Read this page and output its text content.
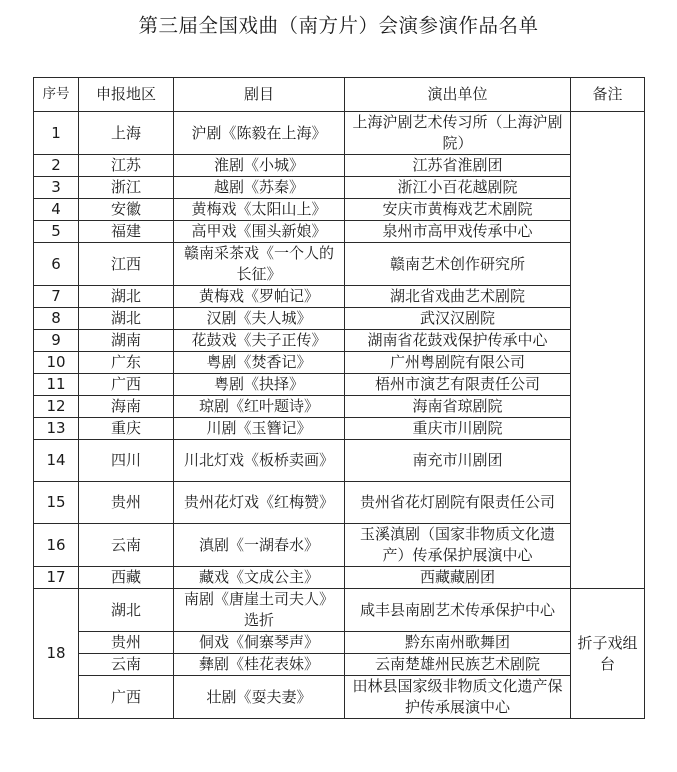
第三届全国戏曲（南方片）会演参演作品名单
序号	申报地区	剧目	演出单位	备注
1	上海	沪剧《陈毅在上海》	上海沪剧艺术传习所（上海沪剧院）	
2	江苏	淮剧《小城》	江苏省淮剧团	
3	浙江	越剧《苏秦》	浙江小百花越剧院	
4	安徽	黄梅戏《太阳山上》	安庆市黄梅戏艺术剧院	
5	福建	高甲戏《围头新娘》	泉州市高甲戏传承中心	
6	江西	赣南采茶戏《一个人的长征》	赣南艺术创作研究所	
7	湖北	黄梅戏《罗帕记》	湖北省戏曲艺术剧院	
8	湖北	汉剧《夫人城》	武汉汉剧院	
9	湖南	花鼓戏《夫子正传》	湖南省花鼓戏保护传承中心	
10	广东	粤剧《焚香记》	广州粤剧院有限公司	
11	广西	粤剧《抉择》	梧州市演艺有限责任公司	
12	海南	琼剧《红叶题诗》	海南省琼剧院	
13	重庆	川剧《玉簪记》	重庆市川剧院	
14	四川	川北灯戏《板桥卖画》	南充市川剧团	
15	贵州	贵州花灯戏《红梅赞》	贵州省花灯剧院有限责任公司	
16	云南	滇剧《一湖春水》	玉溪滇剧（国家非物质文化遗产）传承保护展演中心	
17	西藏	藏戏《文成公主》	西藏藏剧团	
18	湖北	南剧《唐崖土司夫人》选折	咸丰县南剧艺术传承保护中心	折子戏组台
	贵州	侗戏《侗寨琴声》	黔东南州歌舞团	
	云南	彝剧《桂花表妹》	云南楚雄州民族艺术剧院	
	广西	壮剧《耍夫妻》	田林县国家级非物质文化遗产保护传承展演中心	
